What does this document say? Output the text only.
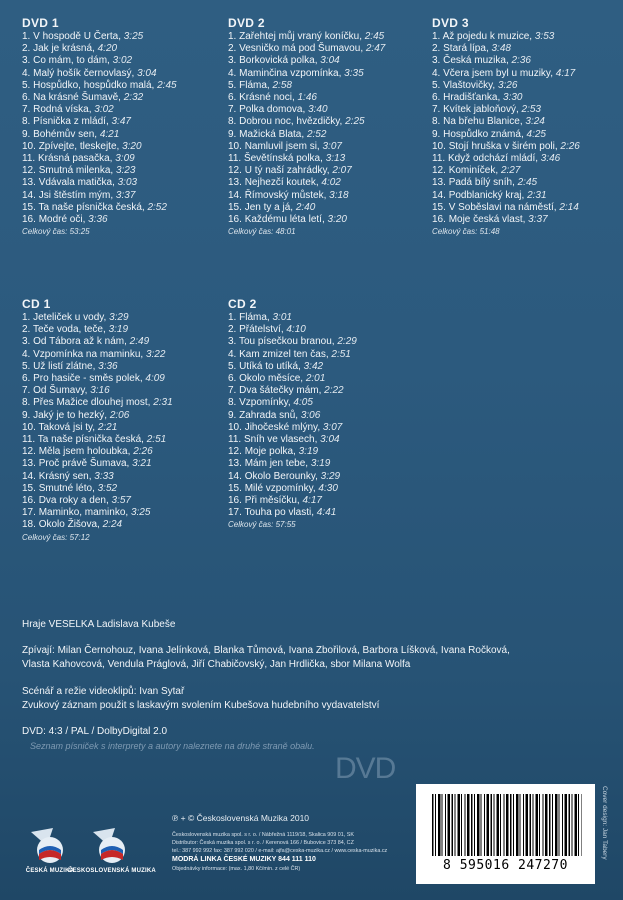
DVD 1
1. V hospodě U Čerta, 3:25
2. Jak je krásná, 4:20
3. Co mám, to dám, 3:02
4. Malý hošík černovlasý, 3:04
5. Hospůdko, hospůdko malá, 2:45
6. Na krásné Šumavě, 2:32
7. Rodná víska, 3:02
8. Písnička z mládí, 3:47
9. Bohémův sen, 4:21
10. Zpívejte, tleskejte, 3:20
11. Krásná pasačka, 3:09
12. Smutná milenka, 3:23
13. Vdávala matička, 3:03
14. Jsi štěstím mým, 3:37
15. Ta naše písnička česká, 2:52
16. Modré oči, 3:36
Celkový čas: 53:25
DVD 2
1. Zařehtej můj vraný koníčku, 2:45
2. Vesničko má pod Šumavou, 2:47
3. Borkovická polka, 3:04
4. Maminčina vzpomínka, 3:35
5. Fláma, 2:58
6. Krásné noci, 1:46
7. Polka domova, 3:40
8. Dobrou noc, hvězdičky, 2:25
9. Mažická Blata, 2:52
10. Namluvil jsem si, 3:07
11. Ševětínská polka, 3:13
12. U tý naší zahrádky, 2:07
13. Nejhezčí koutek, 4:02
14. Římovský můstek, 3:18
15. Jen ty a já, 2:40
16. Každému léta letí, 3:20
Celkový čas: 48:01
DVD 3
1. Až pojedu k muzice, 3:53
2. Stará lípa, 3:48
3. Česká muzika, 2:36
4. Včera jsem byl u muziky, 4:17
5. Vlaštovičky, 3:26
6. Hradišťanka, 3:30
7. Kvítek jabloňový, 2:53
8. Na břehu Blanice, 3:24
9. Hospůdko známá, 4:25
10. Stojí hruška v širém poli, 2:26
11. Když odchází mládí, 3:46
12. Kominíček, 2:27
13. Padá bílý sníh, 2:45
14. Podblanický kraj, 2:31
15. V Soběslavi na náměstí, 2:14
16. Moje česká vlast, 3:37
Celkový čas: 51:48
CD 1
1. Jeteliček u vody, 3:29
2. Teče voda, teče, 3:19
3. Od Tábora až k nám, 2:49
4. Vzpomínka na maminku, 3:22
5. Už listí zlátne, 3:36
6. Pro hasiče - směs polek, 4:09
7. Od Šumavy, 3:16
8. Přes Mažice dlouhej most, 2:31
9. Jaký je to hezký, 2:06
10. Taková jsi ty, 2:21
11. Ta naše písnička česká, 2:51
12. Měla jsem holoubka, 2:26
13. Proč právě Šumava, 3:21
14. Krásný sen, 3:33
15. Smutné léto, 3:52
16. Dva roky a den, 3:57
17. Maminko, maminko, 3:25
18. Okolo Žišova, 2:24
Celkový čas: 57:12
CD 2
1. Fláma, 3:01
2. Přátelství, 4:10
3. Tou písečkou branou, 2:29
4. Kam zmizel ten čas, 2:51
5. Utíká to utíká, 3:42
6. Okolo měsíce, 2:01
7. Dva šátečky mám, 2:22
8. Vzpomínky, 4:05
9. Zahrada snů, 3:06
10. Jihočeské mlýny, 3:07
11. Sníh ve vlasech, 3:04
12. Moje polka, 3:19
13. Mám jen tebe, 3:19
14. Okolo Berounky, 3:29
15. Milé vzpomínky, 4:30
16. Při měsíčku, 4:17
17. Touha po vlasti, 4:41
Celkový čas: 57:55

Hraje VESELKA Ladislava Kubeše

Zpívají: Milan Černohouz, Ivana Jelínková, Blanka Tůmová, Ivana Zbořilová, Barbora Líšková, Ivana Ročková,

Vlasta Kahovcová, Vendula Práglová, Jiří Chabičovský, Jan Hrdlička, sbor Milana Wolfa

Scénář a režie videoklipů: Ivan Sytař

Zvukový záznam použit s laskavým svolením Kubešova hudebního vydavatelství

DVD: 4:3 / PAL / DolbyDigital 2.0

Seznam písniček s interprety a autory naleznete na druhé straně obalu.
DVD
ČESKÁ MUZIKA
ČESKOSLOVENSKÁ MUZIKA
℗ + © Československá Muzika 2010
Československá muzika spol. s r. o. / Nábřežná 1119/18, Skalica 909 01, SK
Distributor: Česká muzika spol. s r. o. / Kerenová 166 / Bubovice 373 84, CZ
tel.: 387 992 992 fax: 387 992 020 / e-mail: ajfa@ceska-muzika.cz / www.ceska-muzika.cz
MODRÁ LINKA ČESKÉ MUZIKY 844 111 110
Objednávky informace: (max. 1,80 Kč/min. z celé ČR)	8 595016 247270
Cover design: Jan Tabery
